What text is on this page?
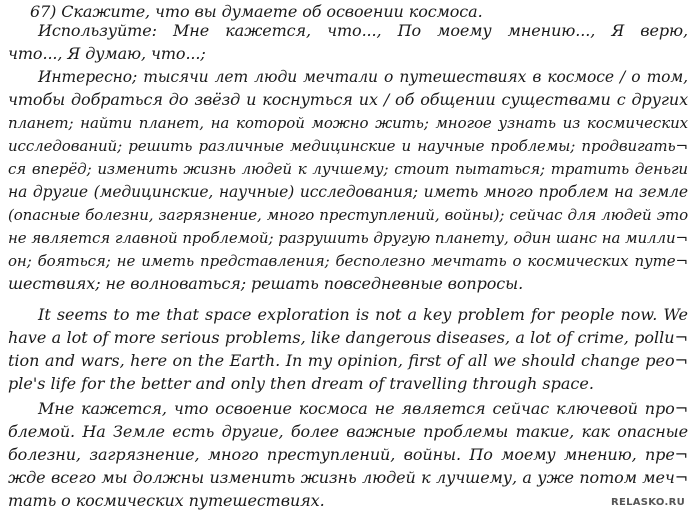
67) Скажите, что вы думаете об освоении космоса.
Используйте: Мне кажется, что..., По моему мнению..., Я верю,
что..., Я думаю, что...;
Интересно; тысячи лет люди мечтали о путешествиях в космосе / о том,
чтобы добраться до звёзд и коснуться их / об общении существами с других
планет; найти планет, на которой можно жить; многое узнать из космических
исследований; решить различные медицинские и научные проблемы; продвигать¬
ся вперёд; изменить жизнь людей к лучшему; стоит пытаться; тратить деньги
на другие (медицинские, научные) исследования; иметь много проблем на земле
(опасные болезни, загрязнение, много преступлений, войны); сейчас для людей это
не является главной проблемой; разрушить другую планету, один шанс на милли¬
он; бояться; не иметь представления; бесполезно мечтать о космических путе¬
шествиях; не волноваться; решать повседневные вопросы.
It seems to me that space exploration is not a key problem for people now. We
have a lot of more serious problems, like dangerous diseases, a lot of crime, pollu¬
tion and wars, here on the Earth. In my opinion, first of all we should change peo¬
ple's life for the better and only then dream of travelling through space.
Мне кажется, что освоение космоса не является сейчас ключевой про¬
блемой. На Земле есть другие, более важные проблемы такие, как опасные
болезни, загрязнение, много преступлений, войны. По моему мнению, пре¬
жде всего мы должны изменить жизнь людей к лучшему, а уже потом меч¬
тать о космических путешествиях.	RELASKO.RU
